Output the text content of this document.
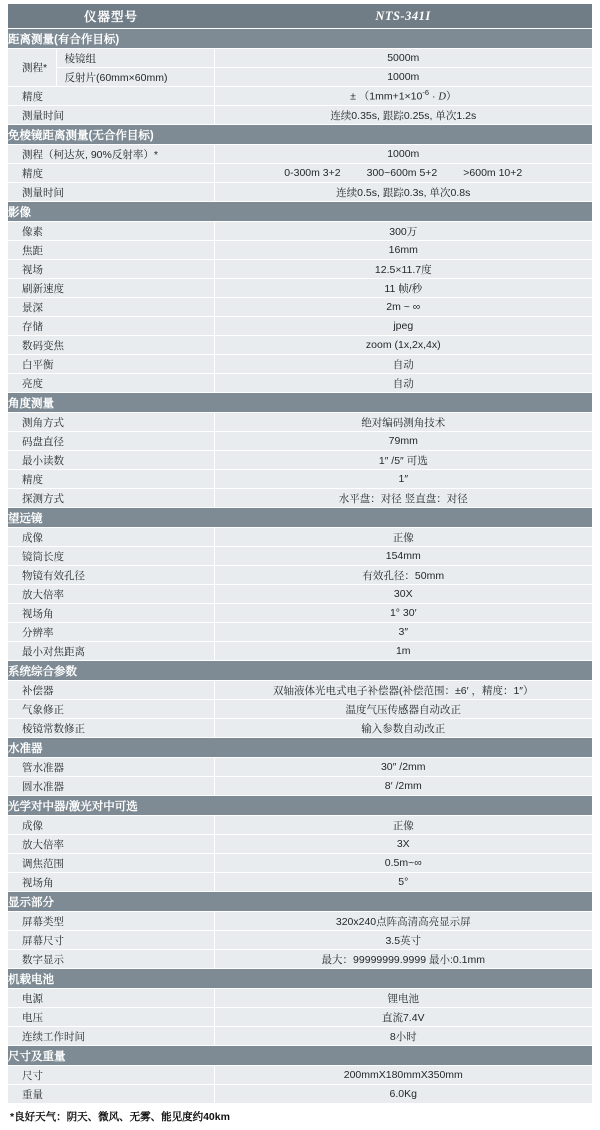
仪器型号		NTS-341I
距离测量(有合作目标)		
测程*	棱镜组	5000m
	反射片(60mm×60mm)	1000m
精度		± $(1mm+1\times 10^{-6} \cdot D)$
测量时间		连续0.35s, 跟踪0.25s, 单次1.2s
免棱镜距离测量(无合作目标)		
测程（柯达灰, 90%反射率）*		1000m
精度		0-300m 3+2 300~600m 5+2 >600m 10+2

测量时间		连续0.5s, 跟踪0.3s, 单次0.8s
影像		
像素		300万
焦距		16mm
视场		12.5×11.7度
刷新速度		11 帧/秒
景深		2m ~ ∞
存储		jpeg
数码变焦		zoom (1x,2x,4x)
白平衡		自动
亮度		自动
角度测量		
测角方式		绝对编码测角技术
码盘直径		79mm
最小读数		1″ /5″ 可选
精度		1″
探测方式		水平盘：对径 竖直盘：对径
望远镜		
成像		正像
镜筒长度		154mm
物镜有效孔径		有效孔径：50mm
放大倍率		30X
视场角		1° 30′
分辨率		3″
最小对焦距离		1m
系统综合参数		
补偿器		双轴液体光电式电子补偿器(补偿范围：±6′ ，精度：1″）
气象修正		温度气压传感器自动改正
棱镜常数修正		输入参数自动改正
水准器		
管水准器		30″ /2mm
圆水准器		8′ /2mm
光学对中器/激光对中可选		
成像		正像
放大倍率		3X
调焦范围		0.5m~∞
视场角		5°
显示部分		
屏幕类型		320x240点阵高清高亮显示屏
屏幕尺寸		3.5英寸
数字显示		最大：99999999.9999 最小:0.1mm
机载电池		
电源		锂电池
电压		直流7.4V
连续工作时间		8小时
尺寸及重量		
尺寸		200mmX180mmX350mm
重量		6.0Kg
*良好天气：阴天、微风、无雾、能见度约40km
